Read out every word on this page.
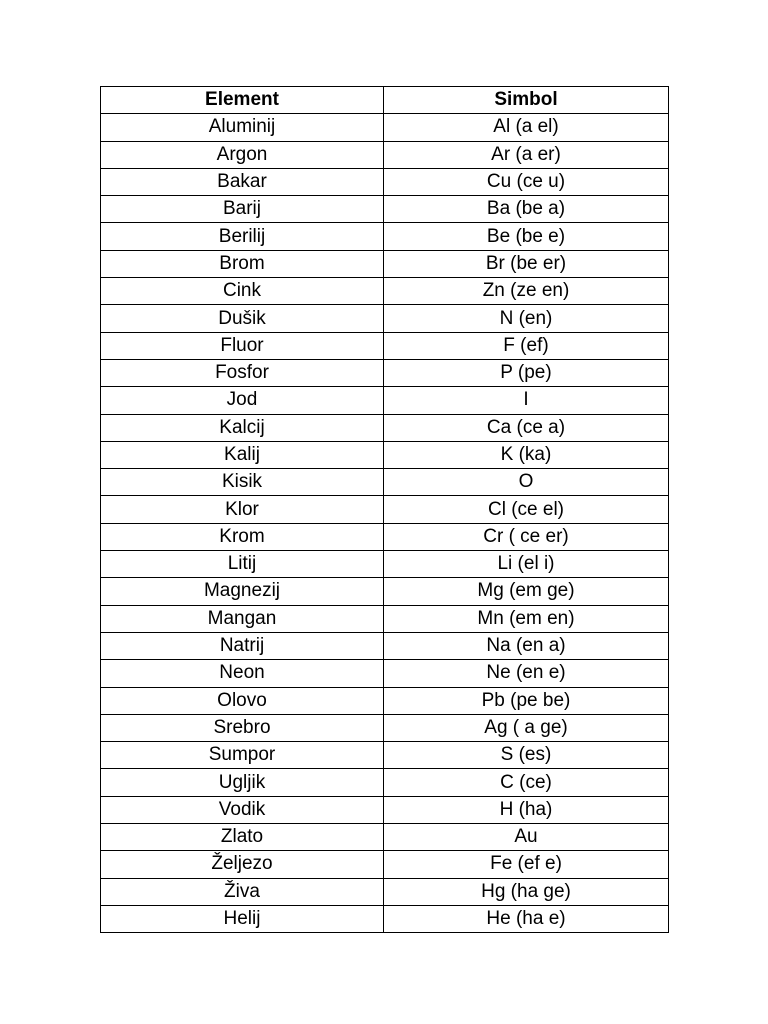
Element	Simbol
Aluminij	Al (a el)
Argon	Ar (a er)
Bakar	Cu (ce u)
Barij	Ba (be a)
Berilij	Be (be e)
Brom	Br (be er)
Cink	Zn (ze en)
Dušik	N (en)
Fluor	F (ef)
Fosfor	P (pe)
Jod	I
Kalcij	Ca (ce a)
Kalij	K (ka)
Kisik	O
Klor	Cl (ce el)
Krom	Cr ( ce er)
Litij	Li (el i)
Magnezij	Mg (em ge)
Mangan	Mn (em en)
Natrij	Na (en a)
Neon	Ne (en e)
Olovo	Pb (pe be)
Srebro	Ag ( a ge)
Sumpor	S (es)
Ugljik	C (ce)
Vodik	H (ha)
Zlato	Au
Željezo	Fe (ef e)
Živa	Hg (ha ge)
Helij	He (ha e)
